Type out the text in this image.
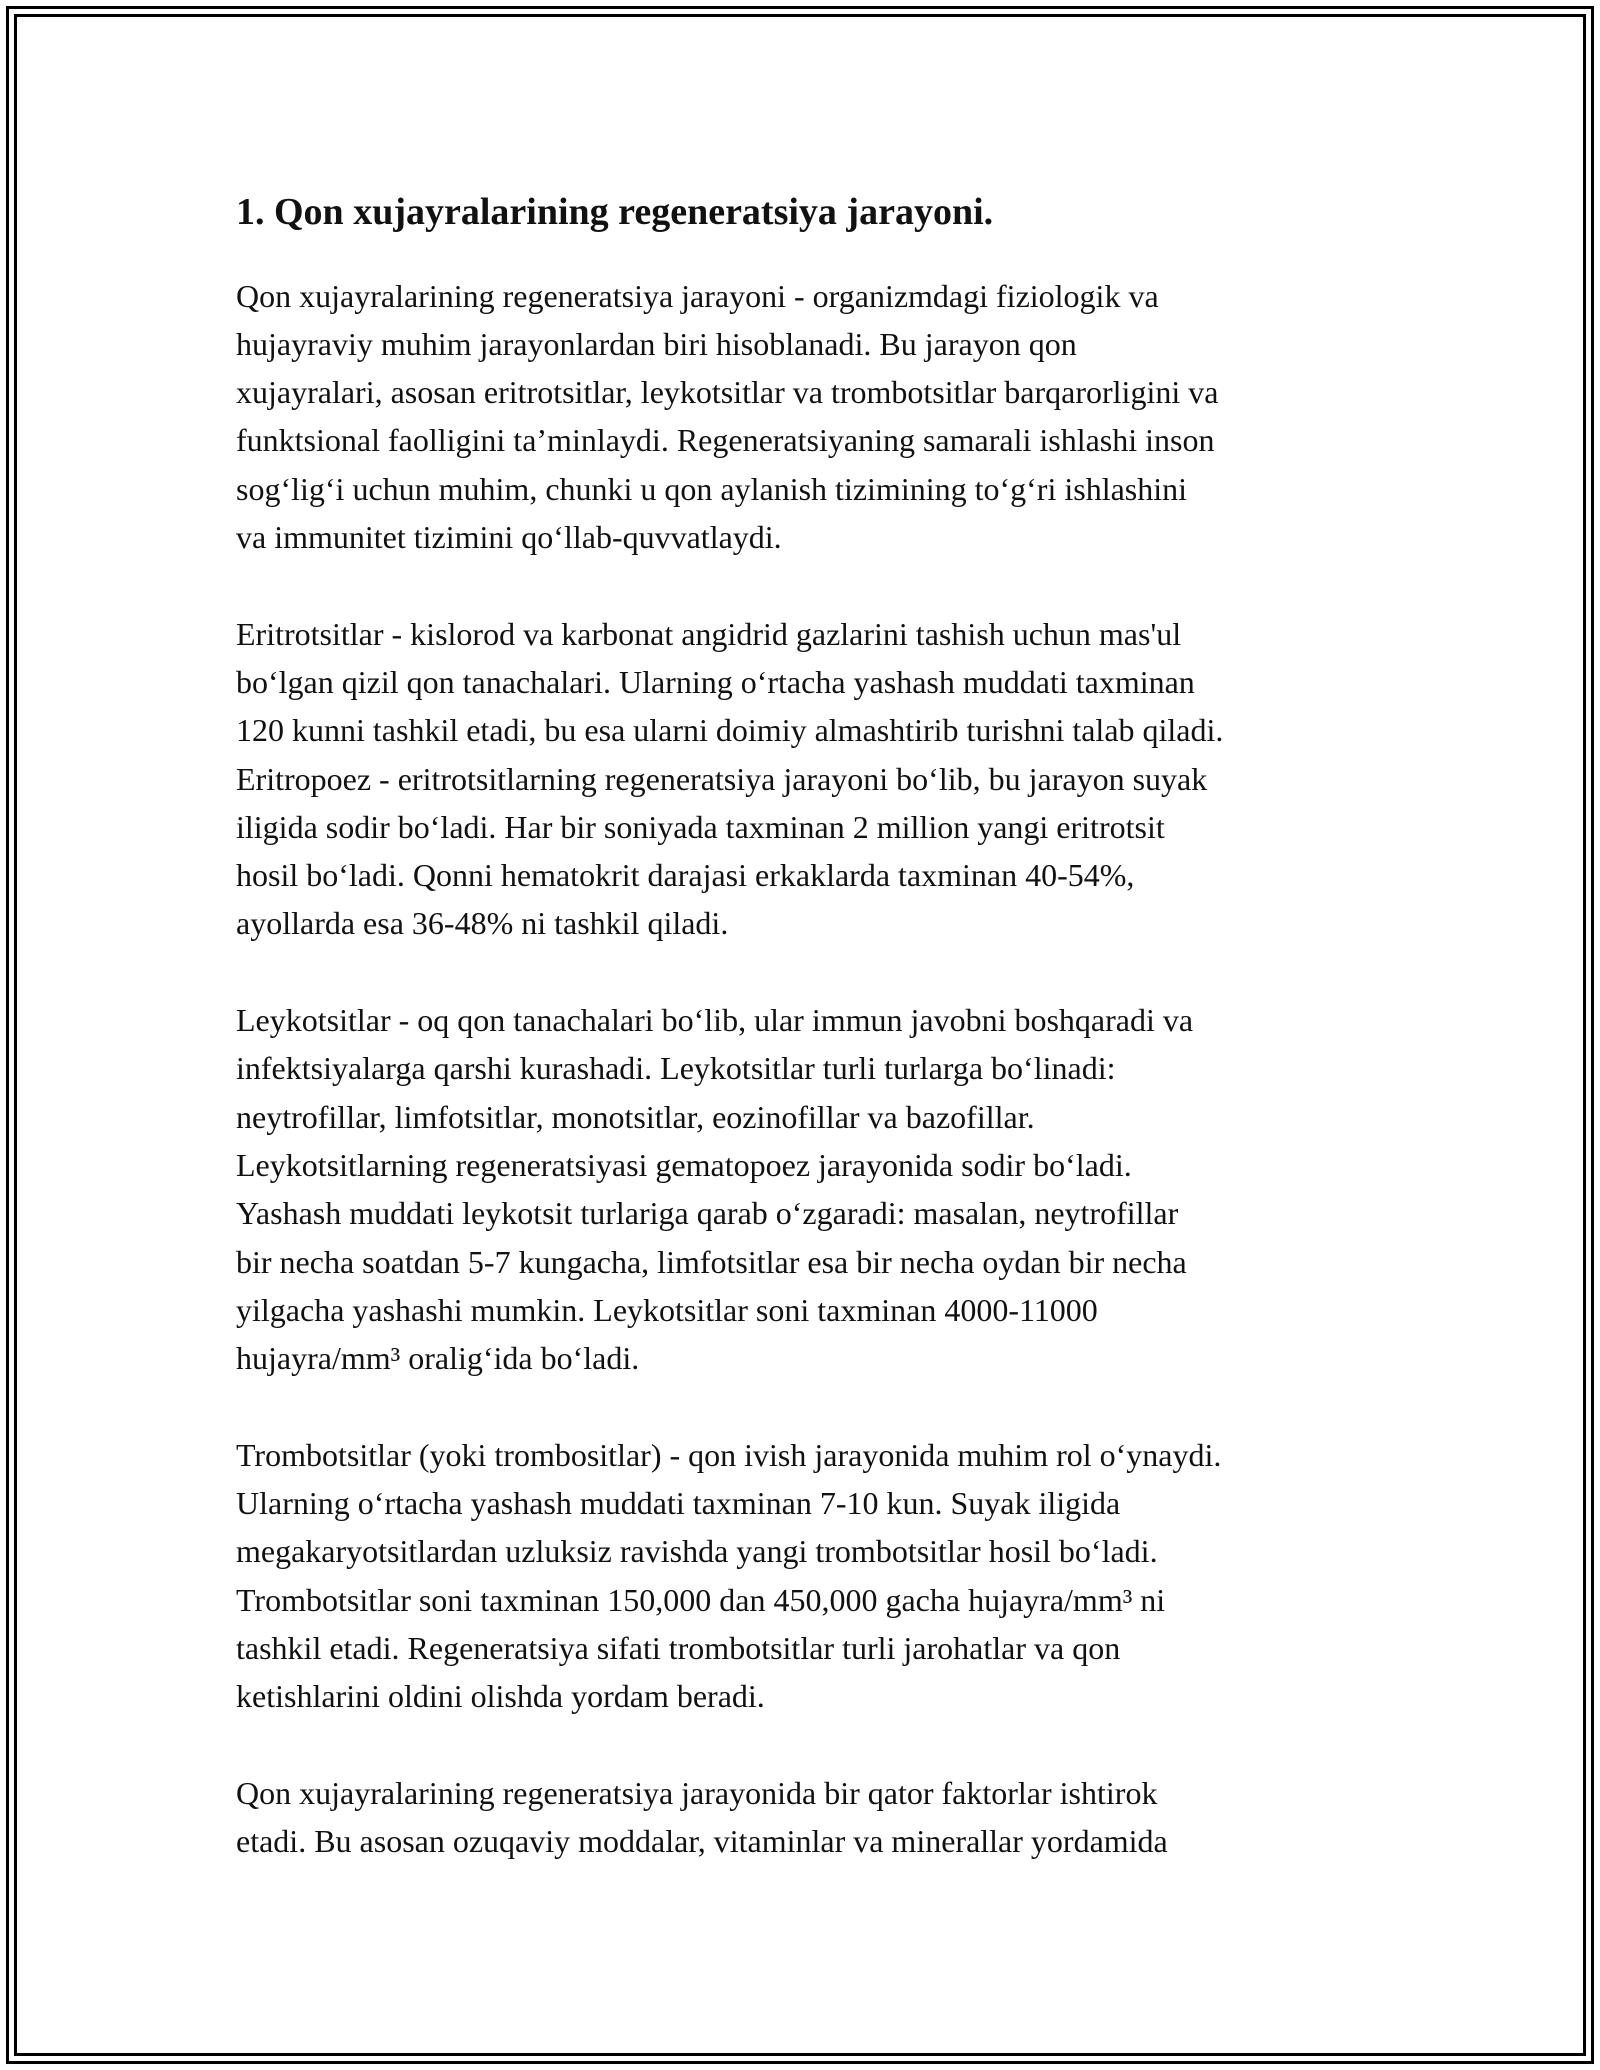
1. Qon xujayralarining regeneratsiya jarayoni.

Qon xujayralarining regeneratsiya jarayoni - organizmdagi fiziologik va
hujayraviy muhim jarayonlardan biri hisoblanadi. Bu jarayon qon
xujayralari, asosan eritrotsitlar, leykotsitlar va trombotsitlar barqarorligini va
funktsional faolligini ta’minlaydi. Regeneratsiyaning samarali ishlashi inson
sog‘lig‘i uchun muhim, chunki u qon aylanish tizimining to‘g‘ri ishlashini
va immunitet tizimini qo‘llab-quvvatlaydi.

Eritrotsitlar - kislorod va karbonat angidrid gazlarini tashish uchun mas'ul
bo‘lgan qizil qon tanachalari. Ularning o‘rtacha yashash muddati taxminan
120 kunni tashkil etadi, bu esa ularni doimiy almashtirib turishni talab qiladi.
Eritropoez - eritrotsitlarning regeneratsiya jarayoni bo‘lib, bu jarayon suyak
iligida sodir bo‘ladi. Har bir soniyada taxminan 2 million yangi eritrotsit
hosil bo‘ladi. Qonni hematokrit darajasi erkaklarda taxminan 40-54%,
ayollarda esa 36-48% ni tashkil qiladi.

Leykotsitlar - oq qon tanachalari bo‘lib, ular immun javobni boshqaradi va
infektsiyalarga qarshi kurashadi. Leykotsitlar turli turlarga bo‘linadi:
neytrofillar, limfotsitlar, monotsitlar, eozinofillar va bazofillar.
Leykotsitlarning regeneratsiyasi gematopoez jarayonida sodir bo‘ladi.
Yashash muddati leykotsit turlariga qarab o‘zgaradi: masalan, neytrofillar
bir necha soatdan 5-7 kungacha, limfotsitlar esa bir necha oydan bir necha
yilgacha yashashi mumkin. Leykotsitlar soni taxminan 4000-11000
hujayra/mm³ oralig‘ida bo‘ladi.

Trombotsitlar (yoki trombositlar) - qon ivish jarayonida muhim rol o‘ynaydi.
Ularning o‘rtacha yashash muddati taxminan 7-10 kun. Suyak iligida
megakaryotsitlardan uzluksiz ravishda yangi trombotsitlar hosil bo‘ladi.
Trombotsitlar soni taxminan 150,000 dan 450,000 gacha hujayra/mm³ ni
tashkil etadi. Regeneratsiya sifati trombotsitlar turli jarohatlar va qon
ketishlarini oldini olishda yordam beradi.

Qon xujayralarining regeneratsiya jarayonida bir qator faktorlar ishtirok
etadi. Bu asosan ozuqaviy moddalar, vitaminlar va minerallar yordamida
